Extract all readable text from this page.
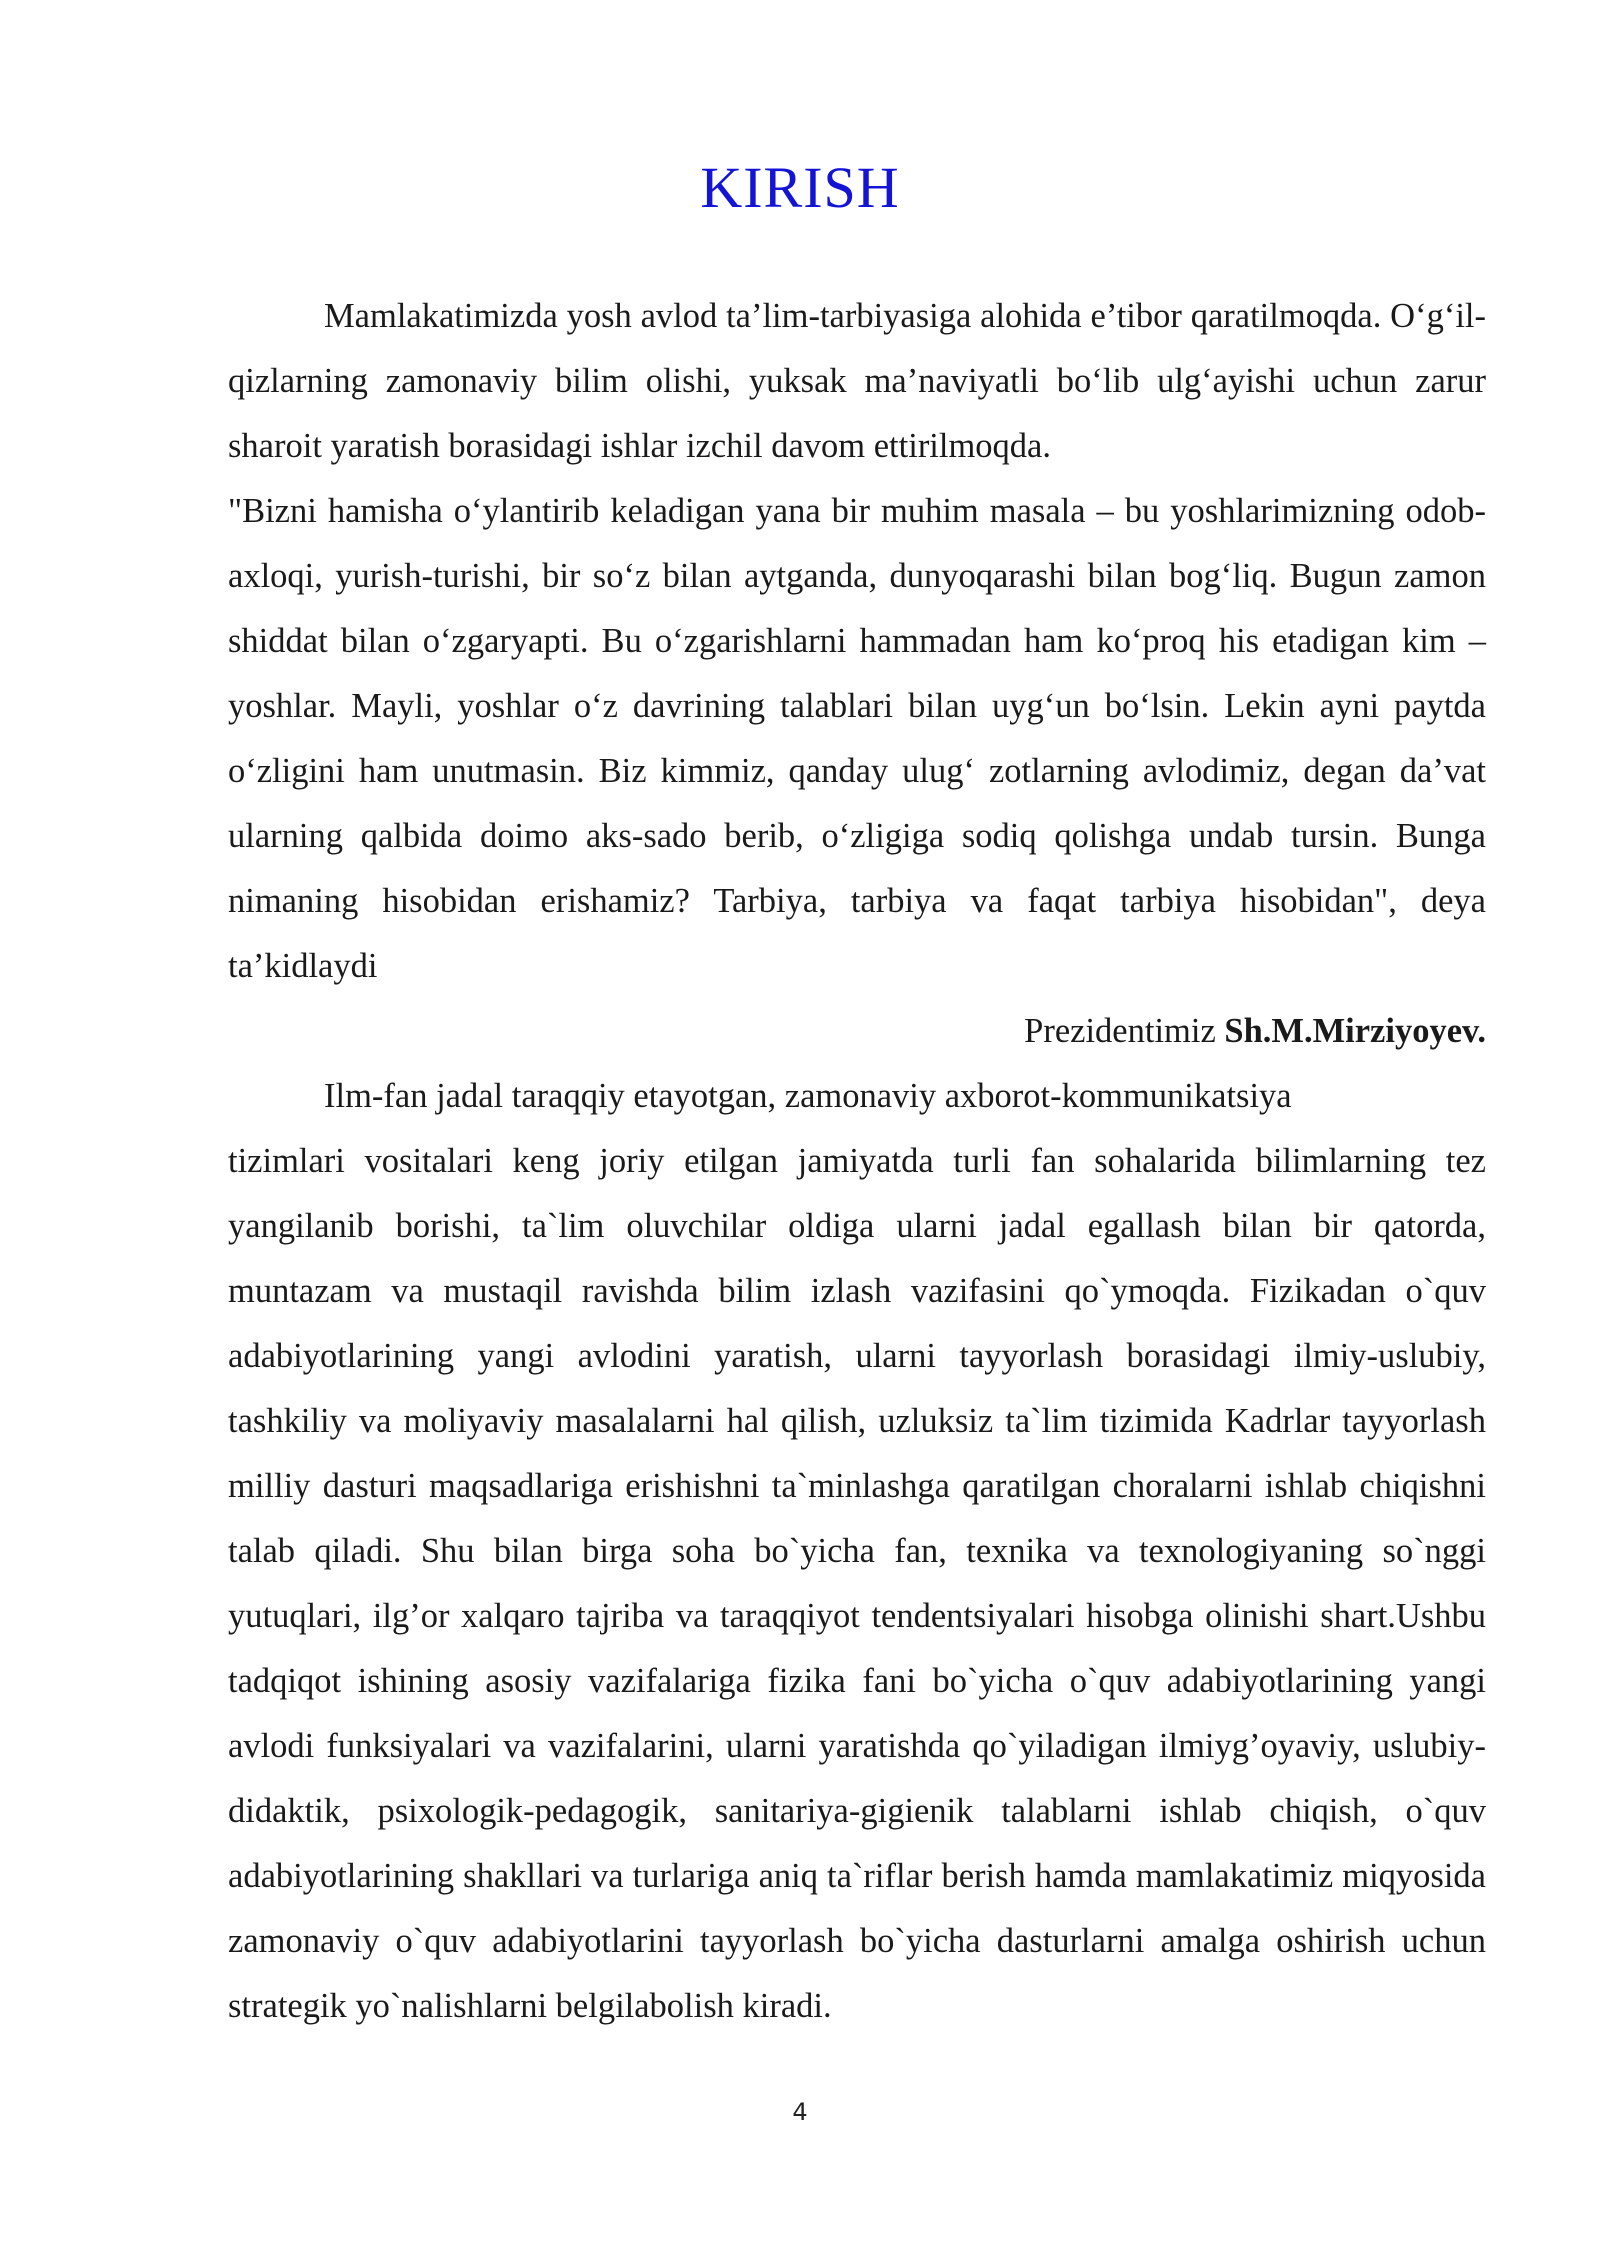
KIRISH

Mamlakatimizda yosh avlod ta’lim-tarbiyasiga alohida e’tibor qaratilmoqda. O‘g‘il-qizlarning zamonaviy bilim olishi, yuksak ma’naviyatli bo‘lib ulg‘ayishi uchun zarur sharoit yaratish borasidagi ishlar izchil davom ettirilmoqda.

"Bizni hamisha o‘ylantirib keladigan yana bir muhim masala – bu yoshlarimizning odob-axloqi, yurish-turishi, bir so‘z bilan aytganda, dunyoqarashi bilan bog‘liq. Bugun zamon shiddat bilan o‘zgaryapti. Bu o‘zgarishlarni hammadan ham ko‘proq his etadigan kim – yoshlar. Mayli, yoshlar o‘z davrining talablari bilan uyg‘un bo‘lsin. Lekin ayni paytda o‘zligini ham unutmasin. Biz kimmiz, qanday ulug‘ zotlarning avlodimiz, degan da’vat ularning qalbida doimo aks-sado berib, o‘zligiga sodiq qolishga undab tursin. Bunga nimaning hisobidan erishamiz? Tarbiya, tarbiya va faqat tarbiya hisobidan", deya ta’kidlaydi

Prezidentimiz Sh.M.Mirziyoyev.

Ilm-fan jadal taraqqiy etayotgan, zamonaviy axborot-kommunikatsiya

tizimlari vositalari keng joriy etilgan jamiyatda turli fan sohalarida bilimlarning tez yangilanib borishi, ta`lim oluvchilar oldiga ularni jadal egallash bilan bir qatorda, muntazam va mustaqil ravishda bilim izlash vazifasini qo`ymoqda. Fizikadan o`quv adabiyotlarining yangi avlodini yaratish, ularni tayyorlash borasidagi ilmiy-uslubiy, tashkiliy va moliyaviy masalalarni hal qilish, uzluksiz ta`lim tizimida Kadrlar tayyorlash milliy dasturi maqsadlariga erishishni ta`minlashga qaratilgan choralarni ishlab chiqishni talab qiladi. Shu bilan birga soha bo`yicha fan, texnika va texnologiyaning so`nggi yutuqlari, ilg’or xalqaro tajriba va taraqqiyot tendentsiyalari hisobga olinishi shart.Ushbu tadqiqot ishining asosiy vazifalariga fizika fani bo`yicha o`quv adabiyotlarining yangi avlodi funksiyalari va vazifalarini, ularni yaratishda qo`yiladigan ilmiyg’oyaviy, uslubiy-didaktik, psixologik-pedagogik, sanitariya-gigienik talablarni ishlab chiqish, o`quv adabiyotlarining shakllari va turlariga aniq ta`riflar berish hamda mamlakatimiz miqyosida zamonaviy o`quv adabiyotlarini tayyorlash bo`yicha dasturlarni amalga oshirish uchun strategik yo`nalishlarni belgilabolish kiradi.

4
